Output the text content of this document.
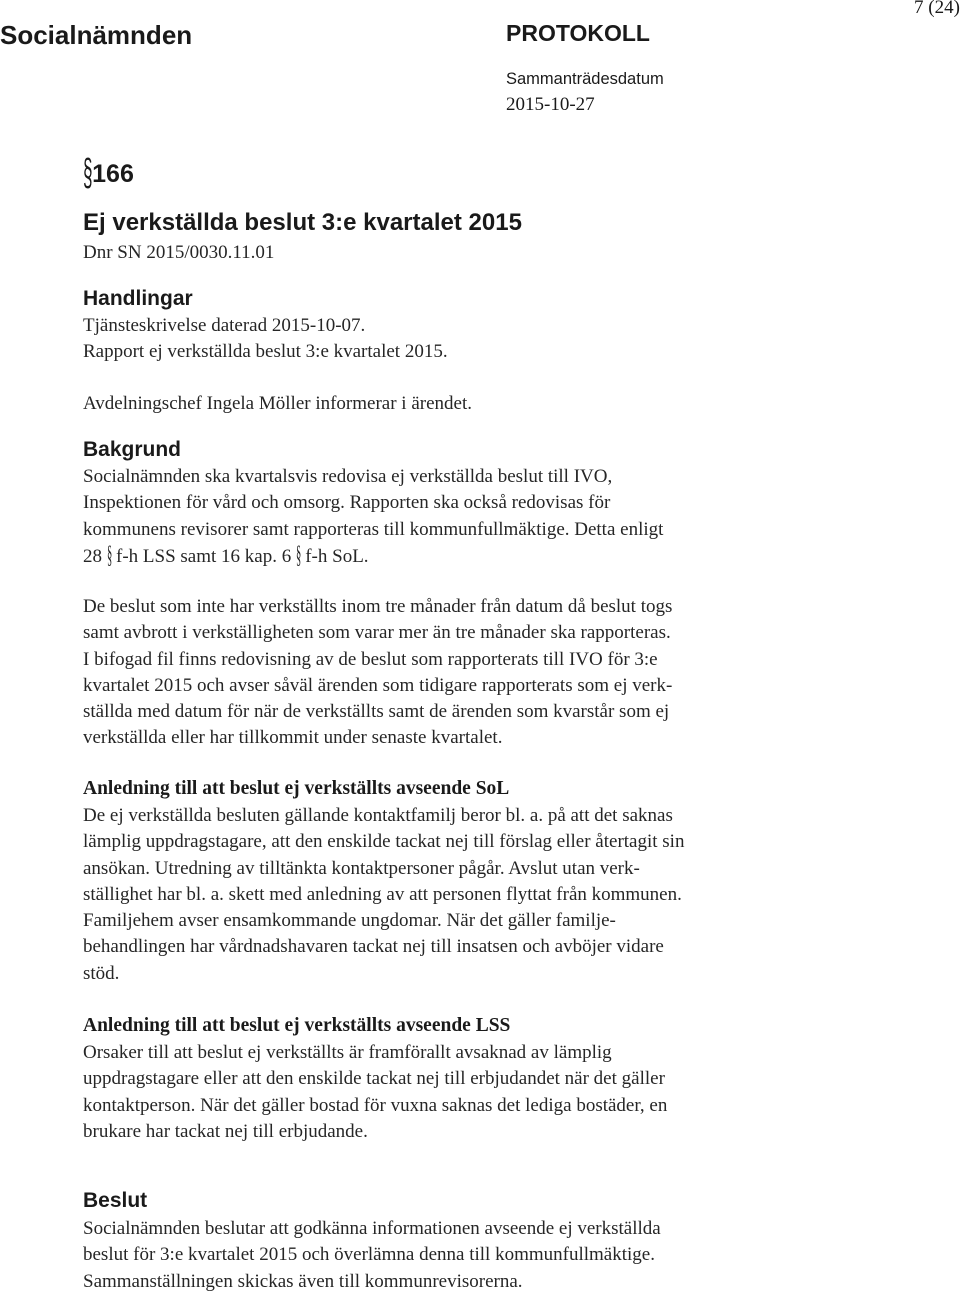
Socialnämnden	PROTOKOLL
7 (24)
Sammanträdesdatum
2015-10-27
§166
Ej verkställda beslut 3:e kvartalet 2015
Dnr SN 2015/0030.11.01
Handlingar
Tjänsteskrivelse daterad 2015-10-07.
Rapport ej verkställda beslut 3:e kvartalet 2015.
Avdelningschef Ingela Möller informerar i ärendet.
Bakgrund
Socialnämnden ska kvartalsvis redovisa ej verkställda beslut till IVO,
Inspektionen för vård och omsorg. Rapporten ska också redovisas för
kommunens revisorer samt rapporteras till kommunfullmäktige. Detta enligt
28 § f-h LSS samt 16 kap. 6 § f-h SoL.
De beslut som inte har verkställts inom tre månader från datum då beslut togs
samt avbrott i verkställigheten som varar mer än tre månader ska rapporteras.
I bifogad fil finns redovisning av de beslut som rapporterats till IVO för 3:e
kvartalet 2015 och avser såväl ärenden som tidigare rapporterats som ej verk-
ställda med datum för när de verkställts samt de ärenden som kvarstår som ej
verkställda eller har tillkommit under senaste kvartalet.
Anledning till att beslut ej verkställts avseende SoL
De ej verkställda besluten gällande kontaktfamilj beror bl. a. på att det saknas
lämplig uppdragstagare, att den enskilde tackat nej till förslag eller återtagit sin
ansökan. Utredning av tilltänkta kontaktpersoner pågår. Avslut utan verk-
ställighet har bl. a. skett med anledning av att personen flyttat från kommunen.
Familjehem avser ensamkommande ungdomar. När det gäller familje-
behandlingen har vårdnadshavaren tackat nej till insatsen och avböjer vidare
stöd.
Anledning till att beslut ej verkställts avseende LSS
Orsaker till att beslut ej verkställts är framförallt avsaknad av lämplig
uppdragstagare eller att den enskilde tackat nej till erbjudandet när det gäller
kontaktperson. När det gäller bostad för vuxna saknas det lediga bostäder, en
brukare har tackat nej till erbjudande.
Beslut
Socialnämnden beslutar att godkänna informationen avseende ej verkställda
beslut för 3:e kvartalet 2015 och överlämna denna till kommunfullmäktige.
Sammanställningen skickas även till kommunrevisorerna.
